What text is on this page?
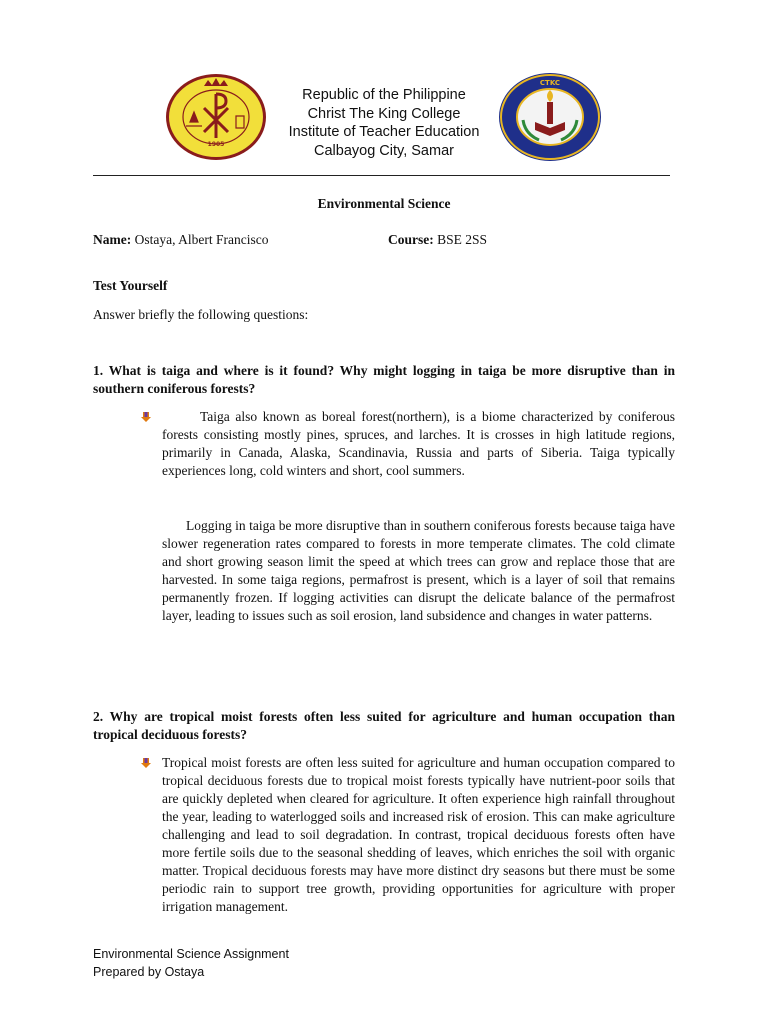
1905
Republic of the Philippine
Christ The King College
Institute of Teacher Education
Calbayog City, Samar
CTKC
Environmental Science
Name: Ostaya, Albert Francisco	Course: BSE 2SS
Test Yourself
Answer briefly the following questions:
1. What is taiga and where is it found? Why might logging in taiga be more disruptive than in southern coniferous forests?
Taiga also known as boreal forest(northern), is a biome characterized by coniferous forests consisting mostly pines, spruces, and larches. It is crosses in high latitude regions, primarily in Canada, Alaska, Scandinavia, Russia and parts of Siberia. Taiga typically experiences long, cold winters and short, cool summers.
Logging in taiga be more disruptive than in southern coniferous forests because taiga have slower regeneration rates compared to forests in more temperate climates. The cold climate and short growing season limit the speed at which trees can grow and replace those that are harvested. In some taiga regions, permafrost is present, which is a layer of soil that remains permanently frozen. If logging activities can disrupt the delicate balance of the permafrost layer, leading to issues such as soil erosion, land subsidence and changes in water patterns.
2. Why are tropical moist forests often less suited for agriculture and human occupation than tropical deciduous forests?
Tropical moist forests are often less suited for agriculture and human occupation compared to tropical deciduous forests due to tropical moist forests typically have nutrient-poor soils that are quickly depleted when cleared for agriculture. It often experience high rainfall throughout the year, leading to waterlogged soils and increased risk of erosion. This can make agriculture challenging and lead to soil degradation. In contrast, tropical deciduous forests often have more fertile soils due to the seasonal shedding of leaves, which enriches the soil with organic matter. Tropical deciduous forests may have more distinct dry seasons but there must be some periodic rain to support tree growth, providing opportunities for agriculture with proper irrigation management.
Environmental Science Assignment
Prepared by Ostaya
